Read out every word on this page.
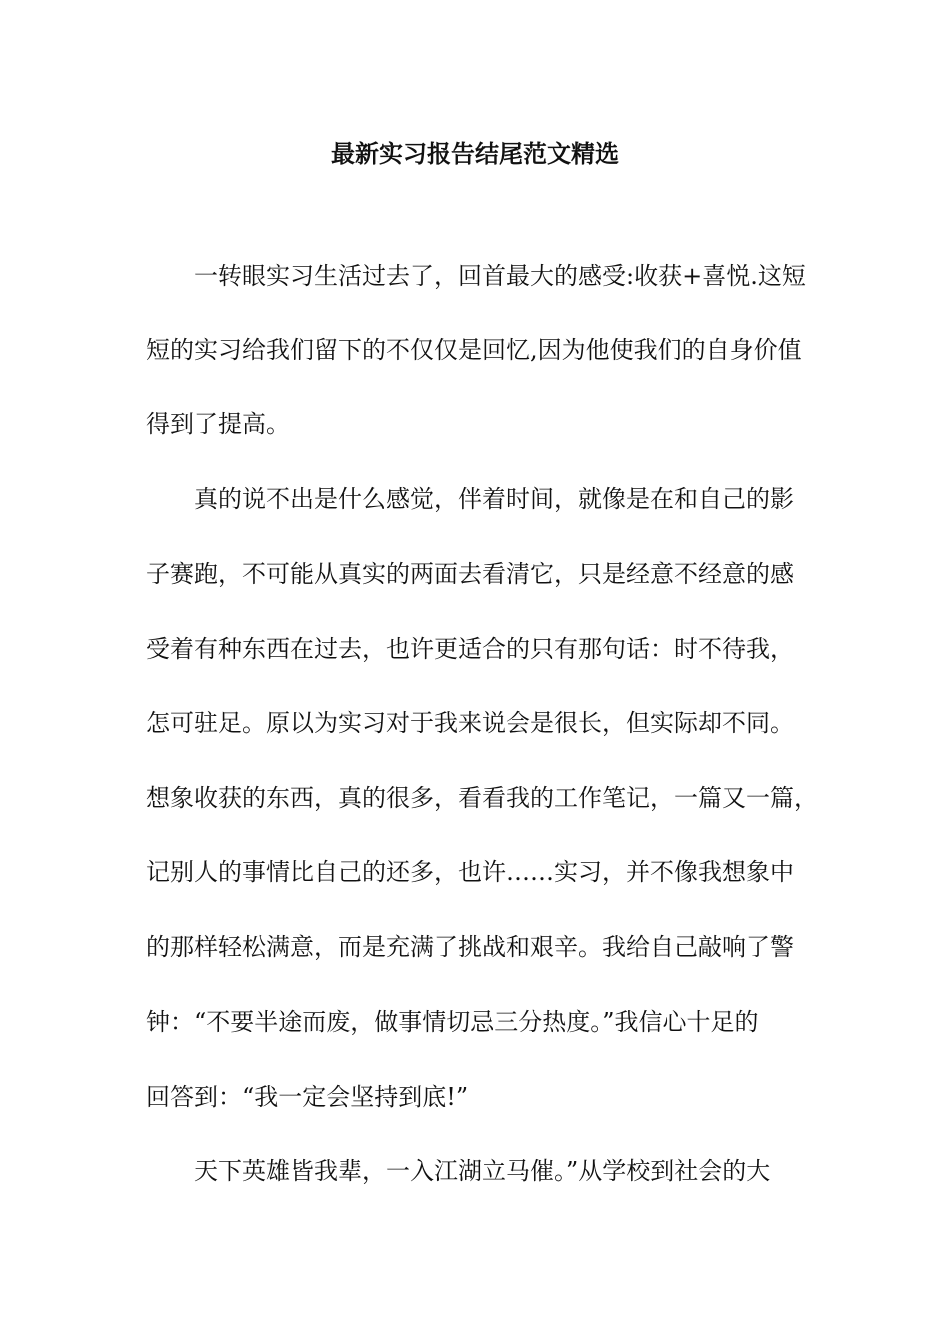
最新实习报告结尾范文精选

一转眼实习生活过去了，回首最大的感受:收获+喜悦.这短

短的实习给我们留下的不仅仅是回忆,因为他使我们的自身价值

得到了提高。

真的说不出是什么感觉，伴着时间，就像是在和自己的影

子赛跑，不可能从真实的两面去看清它，只是经意不经意的感

受着有种东西在过去，也许更适合的只有那句话：时不待我，

怎可驻足。原以为实习对于我来说会是很长，但实际却不同。

想象收获的东西，真的很多，看看我的工作笔记，一篇又一篇，

记别人的事情比自己的还多，也许……实习，并不像我想象中

的那样轻松满意，而是充满了挑战和艰辛。我给自己敲响了警

钟：“不要半途而废，做事情切忌三分热度。”我信心十足的

回答到：“我一定会坚持到底!”

天下英雄皆我辈，一入江湖立马催。”从学校到社会的大
